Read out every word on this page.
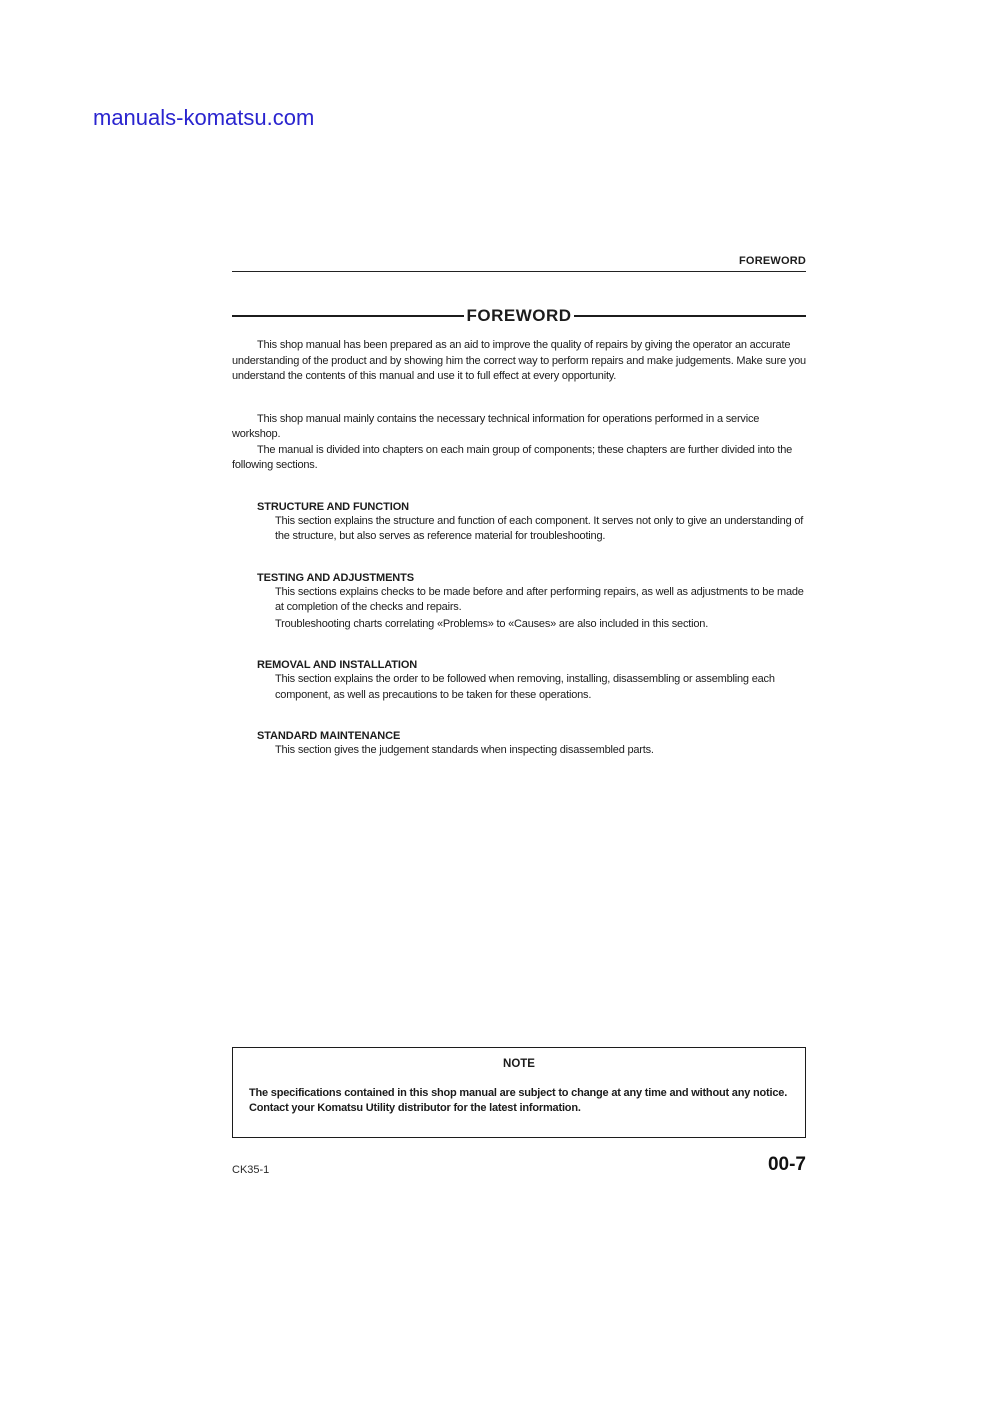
manuals-komatsu.com
FOREWORD
FOREWORD

This shop manual has been prepared as an aid to improve the quality of repairs by giving the operator an accurate understanding of the product and by showing him the correct way to perform repairs and make judgements. Make sure you understand the contents of this manual and use it to full effect at every opportunity.

This shop manual mainly contains the necessary technical information for operations performed in a service workshop.

The manual is divided into chapters on each main group of components; these chapters are further divided into the following sections.

STRUCTURE AND FUNCTION

This section explains the structure and function of each component. It serves not only to give an understanding of the structure, but also serves as reference material for troubleshooting.

TESTING AND ADJUSTMENTS

This sections explains checks to be made before and after performing repairs, as well as adjustments to be made at completion of the checks and repairs.

Troubleshooting charts correlating «Problems» to «Causes» are also included in this section.

REMOVAL AND INSTALLATION

This section explains the order to be followed when removing, installing, disassembling or assembling each component, as well as precautions to be taken for these operations.

STANDARD MAINTENANCE

This section gives the judgement standards when inspecting disassembled parts.

NOTE

The specifications contained in this shop manual are subject to change at any time and without any notice.

Contact your Komatsu Utility distributor for the latest information.

CK35-1	00-7
